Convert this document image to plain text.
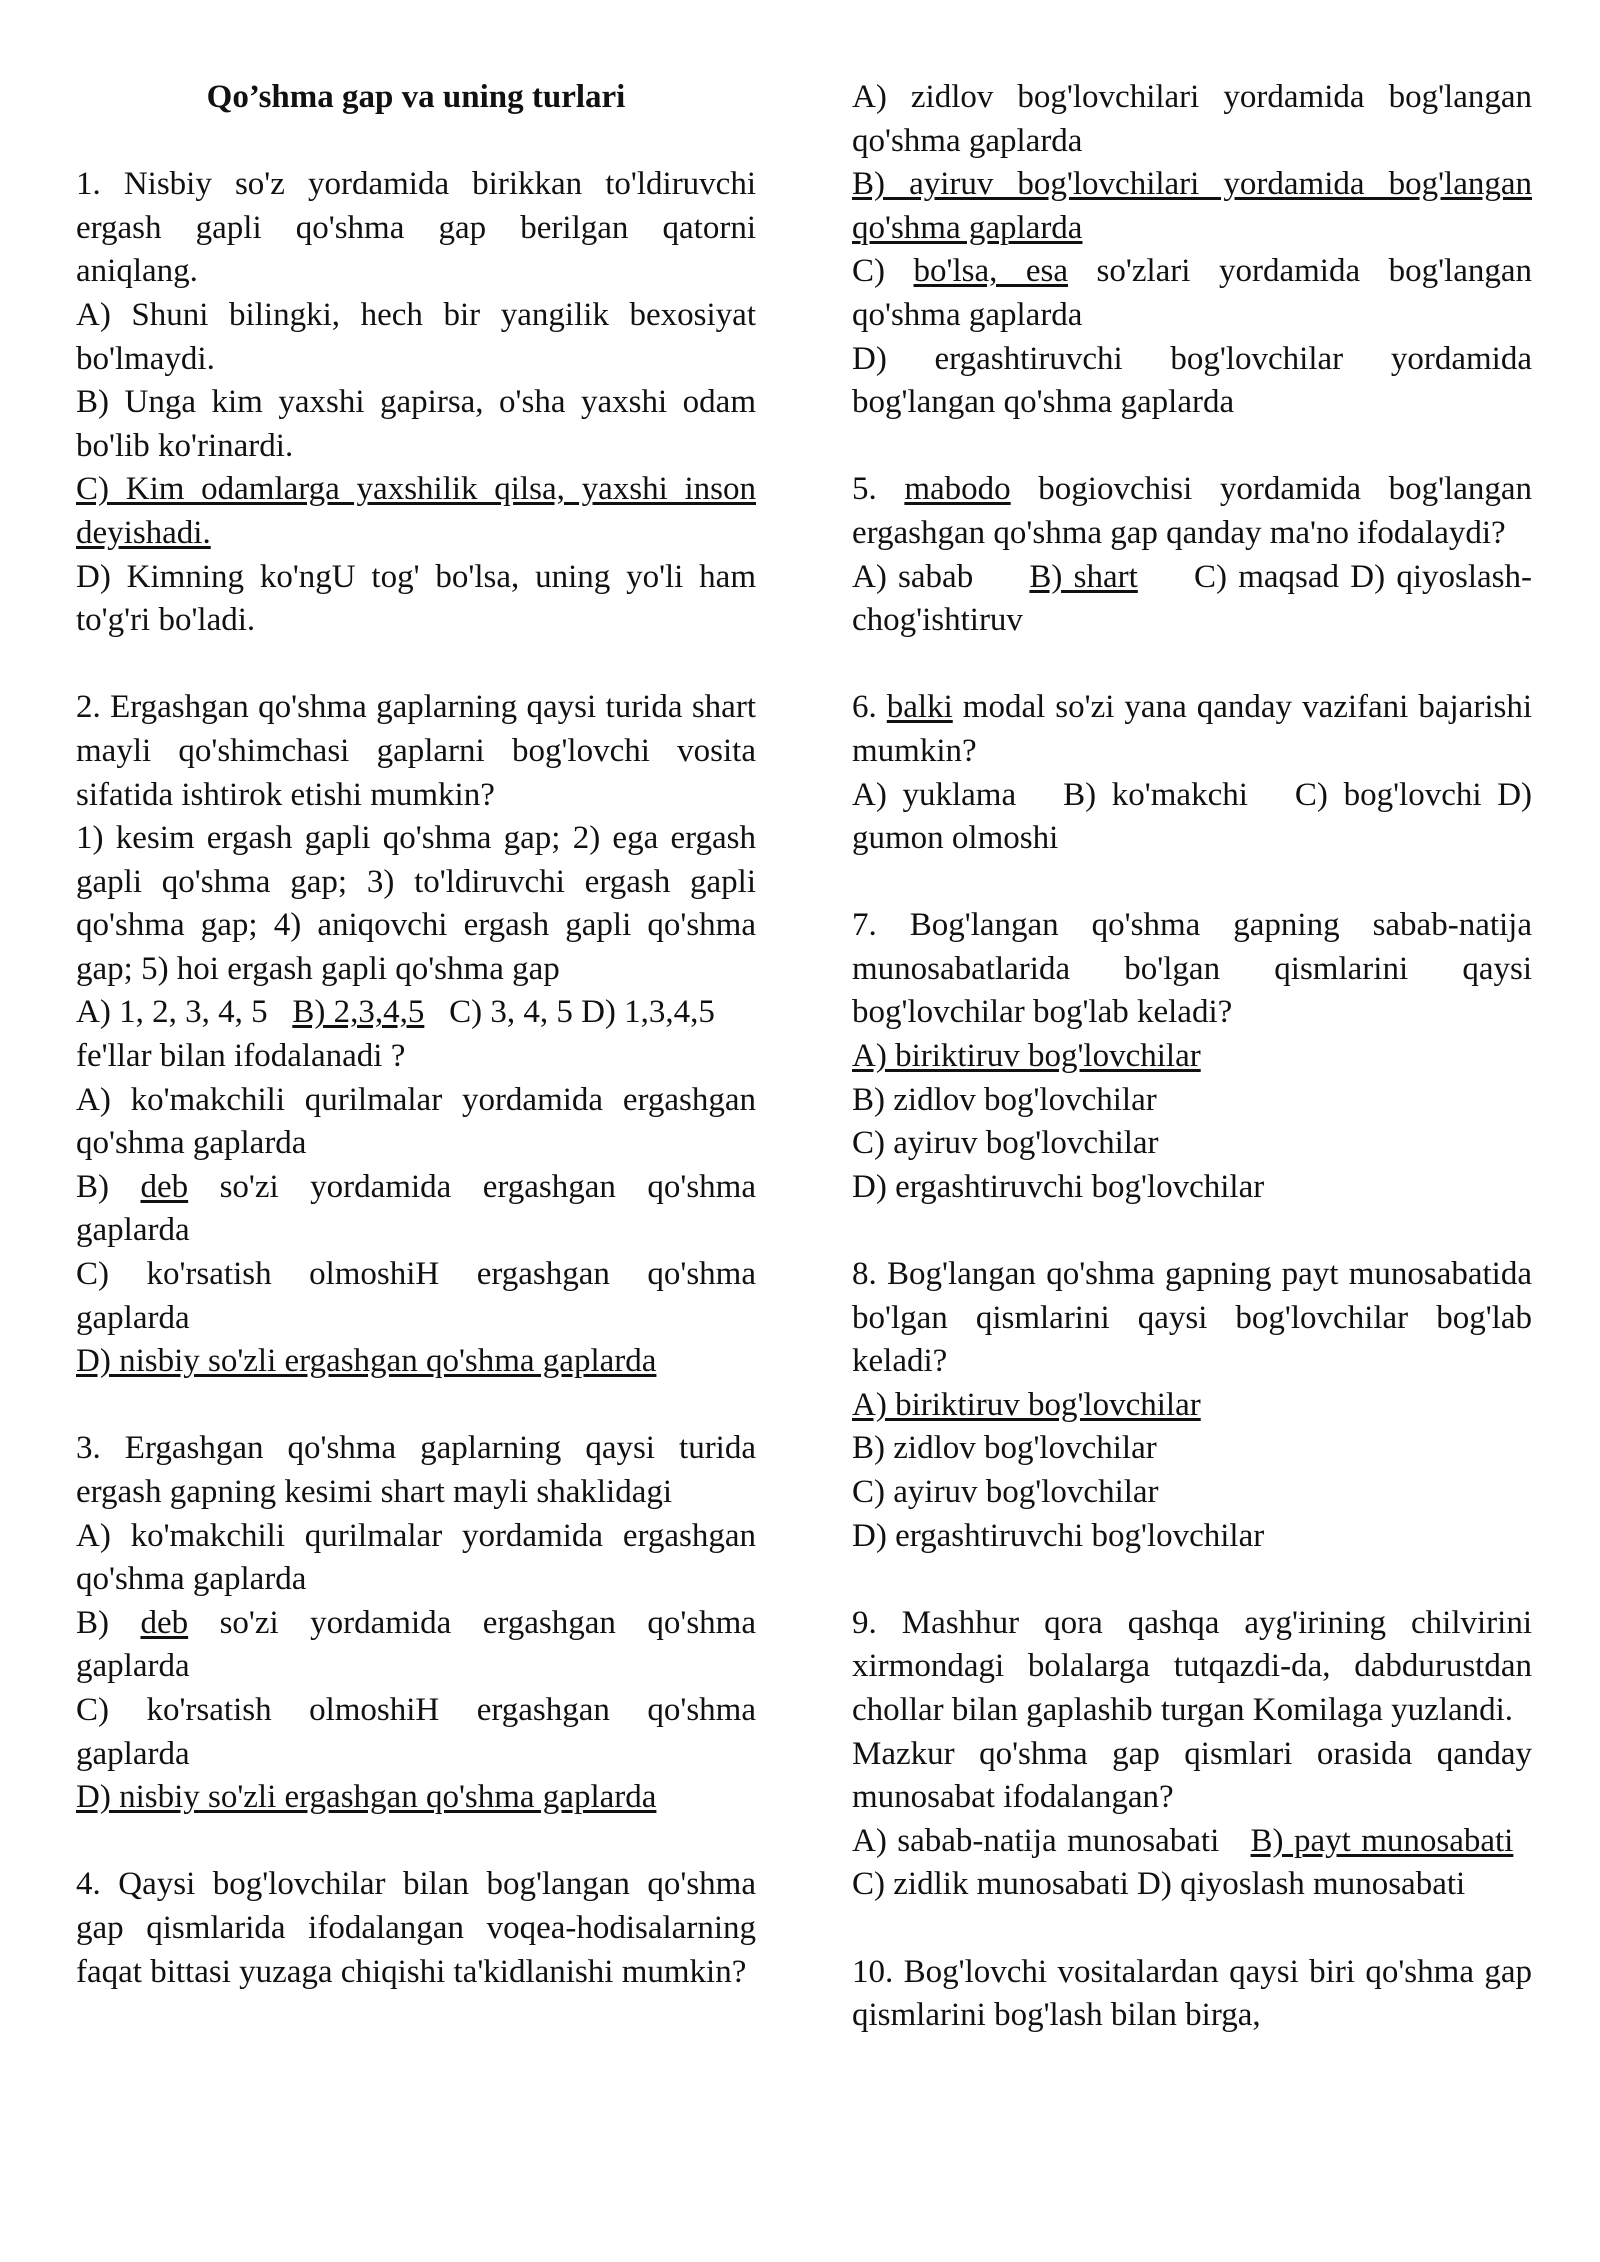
Qo’shma gap va uning turlari
1. Nisbiy so'z yordamida birikkan to'ldiruvchi ergash gapli qo'shma gap berilgan qatorni aniqlang.
A) Shuni bilingki, hech bir yangilik bexosiyat bo'lmaydi.
B) Unga kim yaxshi gapirsa, o'sha yaxshi odam bo'lib ko'rinardi.
C) Kim odamlarga yaxshilik qilsa, yaxshi inson deyishadi.
D) Kimning ko'ngU tog' bo'lsa, uning yo'li ham to'g'ri bo'ladi.
2. Ergashgan qo'shma gaplarning qaysi turida shart mayli qo'shimchasi gaplarni bog'lovchi vosita sifatida ishtirok etishi mumkin?
1) kesim ergash gapli qo'shma gap; 2) ega ergash gapli qo'shma gap; 3) to'ldiruvchi ergash gapli qo'shma gap; 4) aniqovchi ergash gapli qo'shma gap; 5) hoi ergash gapli qo'shma gap
A) 1, 2, 3, 4, 5 B) 2,3,4,5 C) 3, 4, 5 D) 1,3,4,5
fe'llar bilan ifodalanadi ?
A) ko'makchili qurilmalar yordamida ergashgan qo'shma gaplarda
B) deb so'zi yordamida ergashgan qo'shma gaplarda
C) ko'rsatish olmoshiH ergashgan qo'shma gaplarda
D) nisbiy so'zli ergashgan qo'shma gaplarda
3. Ergashgan qo'shma gaplarning qaysi turida ergash gapning kesimi shart mayli shaklidagi
A) ko'makchili qurilmalar yordamida ergashgan qo'shma gaplarda
B) deb so'zi yordamida ergashgan qo'shma gaplarda
C) ko'rsatish olmoshiH ergashgan qo'shma gaplarda
D) nisbiy so'zli ergashgan qo'shma gaplarda
4. Qaysi bog'lovchilar bilan bog'langan qo'shma gap qismlarida ifodalangan voqea-hodisalarning faqat bittasi yuzaga chiqishi ta'kidlanishi mumkin?
A) zidlov bog'lovchilari yordamida bog'langan qo'shma gaplarda
B) ayiruv bog'lovchilari yordamida bog'langan qo'shma gaplarda
C) bo'lsa, esa so'zlari yordamida bog'langan qo'shma gaplarda
D) ergashtiruvchi bog'lovchilar yordamida bog'langan qo'shma gaplarda
5. mabodo bogiovchisi yordamida bog'langan ergashgan qo'shma gap qanday ma'no ifodalaydi?
A) sabab B) shart C) maqsad D) qiyoslash-chog'ishtiruv
6. balki modal so'zi yana qanday vazifani bajarishi mumkin?
A) yuklama B) ko'makchi C) bog'lovchi D) gumon olmoshi
7. Bog'langan qo'shma gapning sabab-natija munosabatlarida bo'lgan qismlarini qaysi bog'lovchilar bog'lab keladi?
A) biriktiruv bog'lovchilar
B) zidlov bog'lovchilar
C) ayiruv bog'lovchilar
D) ergashtiruvchi bog'lovchilar
8. Bog'langan qo'shma gapning payt munosabatida bo'lgan qismlarini qaysi bog'lovchilar bog'lab keladi?
A) biriktiruv bog'lovchilar
B) zidlov bog'lovchilar
C) ayiruv bog'lovchilar
D) ergashtiruvchi bog'lovchilar
9. Mashhur qora qashqa ayg'irining chilvirini xirmondagi bolalarga tutqazdi-da, dabdurustdan chollar bilan gaplashib turgan Komilaga yuzlandi.
Mazkur qo'shma gap qismlari orasida qanday munosabat ifodalangan?
A) sabab-natija munosabati B) payt munosabati   C) zidlik munosabati D) qiyoslash munosabati
10. Bog'lovchi vositalardan qaysi biri qo'shma gap qismlarini bog'lash bilan birga,
